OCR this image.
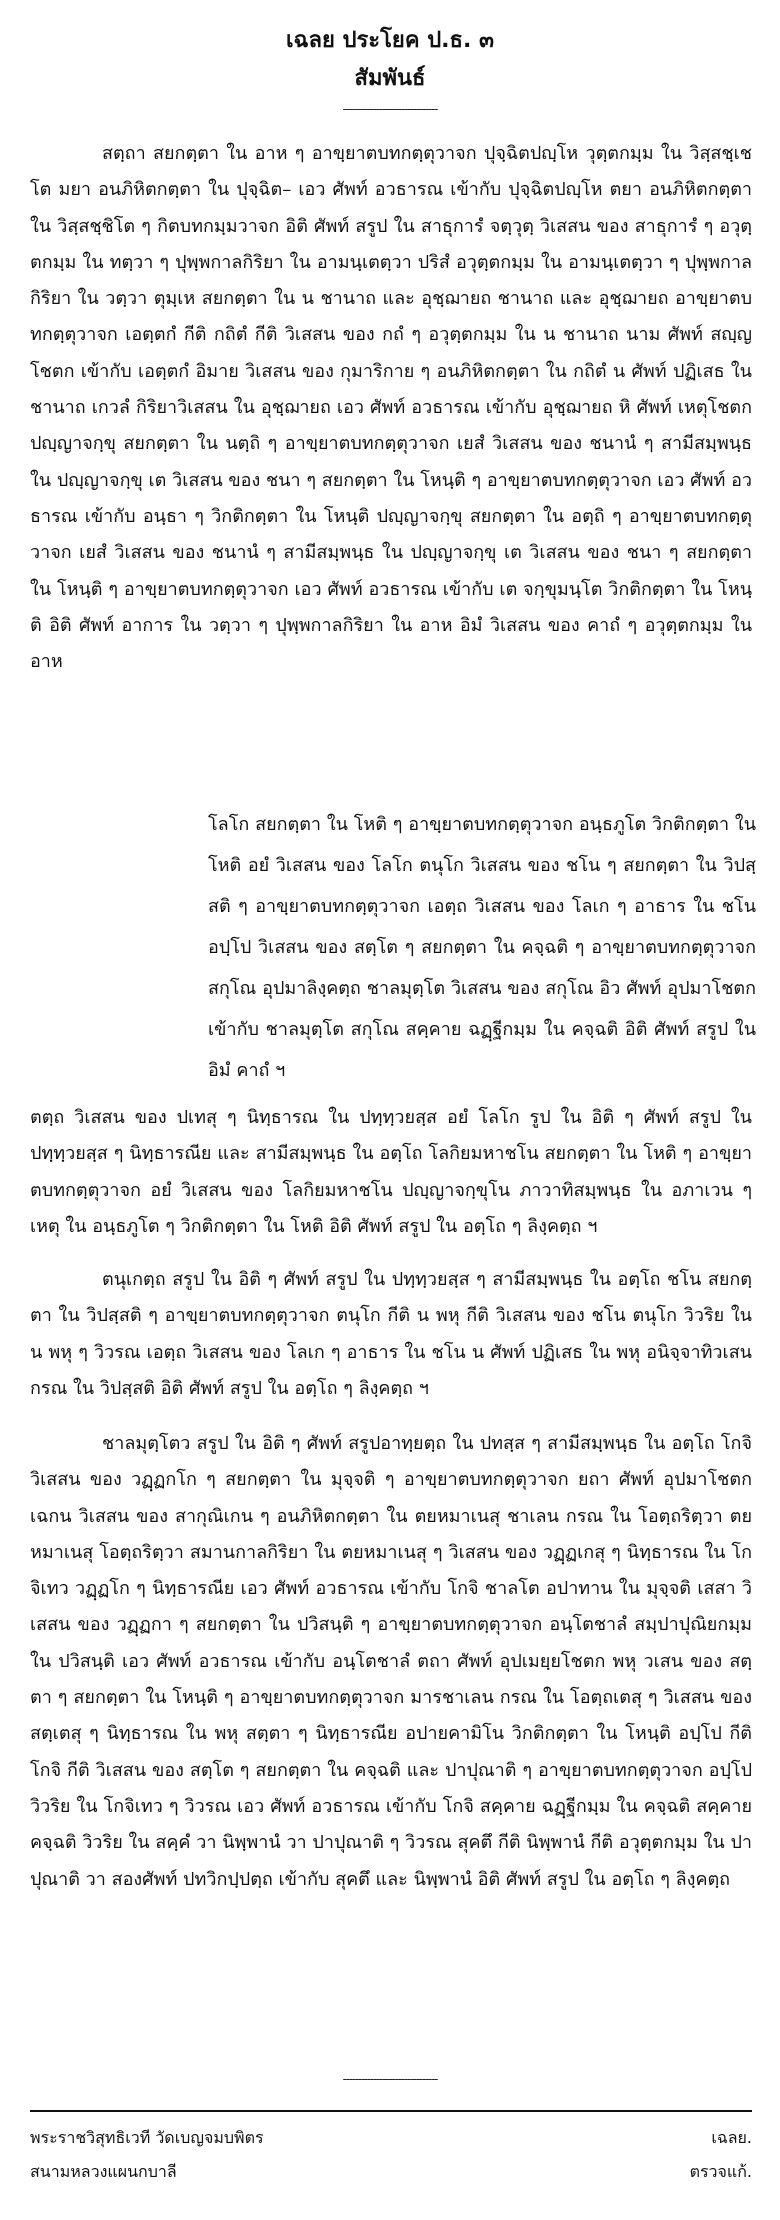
เฉลย ประโยค ป.ธ. ๓
สัมพันธ์
-------------------------------
สตฺถา สยกตฺตา ใน อาห ๆ อาขฺยาตบทกตฺตุวาจก ปุจฺฉิตปญฺโห วุตฺตกมฺม ใน วิสฺสชฺเชโต มยา อนภิหิตกตฺตา ใน ปุจฺฉิต– เอว ศัพท์ อวธารณ เข้ากับ ปุจฺฉิตปญฺโห ตยา อนภิหิตกตฺตา ใน วิสฺสชฺชิโต ๆ กิตบทกมฺมวาจก อิติ ศัพท์ สรูป ใน สาธุการํ จตฺวุตฺ วิเสสน ของ สาธุการํ ๆ อวุตฺตกมฺม ใน ทตฺวา ๆ ปุพฺพกาลกิริยา ใน อามนฺเตตฺวา ปริสํ อวุตฺตกมฺม ใน อามนฺเตตฺวา ๆ ปุพฺพกาลกิริยา ใน วตฺวา ตุมฺเห สยกตฺตา ใน น ชานาถ และ อุชฺฌายถ ชานาถ และ อุชฺฌายถ อาขฺยาตบทกตฺตุวาจก เอตฺตกํ กีติ กถิตํ กีติ วิเสสน ของ กถํ ๆ อวุตฺตกมฺม ใน น ชานาถ นาม ศัพท์ สญฺญโชตก เข้ากับ เอตฺตกํ อิมาย วิเสสน ของ กุมาริกาย ๆ อนภิหิตกตฺตา ใน กถิตํ น ศัพท์ ปฏิเสธ ใน ชานาถ เกวลํ กิริยาวิเสสน ใน อุชฺฌายถ เอว ศัพท์ อวธารณ เข้ากับ อุชฺฌายถ หิ ศัพท์ เหตุโชตก ปญฺญาจกฺขุ สยกตฺตา ใน นตฺถิ ๆ อาขฺยาตบทกตฺตุวาจก เยสํ วิเสสน ของ ชนานํ ๆ สามีสมฺพนฺธ ใน ปญฺญาจกฺขุ เต วิเสสน ของ ชนา ๆ สยกตฺตา ใน โหนฺติ ๆ อาขฺยาตบทกตฺตุวาจก เอว ศัพท์ อวธารณ เข้ากับ อนฺธา ๆ วิกติกตฺตา ใน โหนฺติ ปญฺญาจกฺขุ สยกตฺตา ใน อตฺถิ ๆ อาขฺยาตบทกตฺตุวาจก เยสํ วิเสสน ของ ชนานํ ๆ สามีสมฺพนฺธ ใน ปญฺญาจกฺขุ เต วิเสสน ของ ชนา ๆ สยกตฺตา ใน โหนฺติ ๆ อาขฺยาตบทกตฺตุวาจก เอว ศัพท์ อวธารณ เข้ากับ เต จกฺขุมนฺโต วิกติกตฺตา ใน โหนฺติ อิติ ศัพท์ อาการ ใน วตฺวา ๆ ปุพฺพกาลกิริยา ใน อาห อิมํ วิเสสน ของ คาถํ ๆ อวุตฺตกมฺม ใน อาห
โลโก สยกตฺตา ใน โหติ ๆ อาขฺยาตบทกตฺตุวาจก อนฺธภูโต วิกติกตฺตา ใน โหติ อยํ วิเสสน ของ โลโก ตนุโก วิเสสน ของ ชโน ๆ สยกตฺตา ใน วิปสฺสติ ๆ อาขฺยาตบทกตฺตุวาจก เอตฺถ วิเสสน ของ โลเก ๆ อาธาร ใน ชโน อปฺโป วิเสสน ของ สตฺโต ๆ สยกตฺตา ใน คจฺฉติ ๆ อาขฺยาตบทกตฺตุวาจก สกุโณ อุปมาลิงฺคตฺถ ชาลมุตฺโต วิเสสน ของ สกุโณ อิว ศัพท์ อุปมาโชตก เข้ากับ ชาลมุตฺโต สกุโณ สคฺคาย ฉฏฺฐีกมฺม ใน คจฺฉติ อิติ ศัพท์ สรูป ใน อิมํ คาถํ ฯ
ตตฺถ วิเสสน ของ ปเทสุ ๆ นิทฺธารณ ใน ปทฺทฺวยสฺส อยํ โลโก รูป ใน อิติ ๆ ศัพท์ สรูป ใน ปทฺทฺวยสฺส ๆ นิทฺธารณีย และ สามีสมฺพนฺธ ใน อตฺโถ โลกิยมหาชโน สยกตฺตา ใน โหติ ๆ อาขฺยาตบทกตฺตุวาจก อยํ วิเสสน ของ โลกิยมหาชโน ปญฺญาจกฺขุโน ภาวาทิสมฺพนฺธ ใน อภาเวน ๆ เหตุ ใน อนฺธภูโต ๆ วิกติกตฺตา ใน โหติ อิติ ศัพท์ สรูป ใน อตฺโถ ๆ ลิงฺคตฺถ ฯ
ตนุเกตฺถ สรูป ใน อิติ ๆ ศัพท์ สรูป ใน ปทฺทฺวยสฺส ๆ สามีสมฺพนฺธ ใน อตฺโถ ชโน สยกตฺตา ใน วิปสฺสติ ๆ อาขฺยาตบทกตฺตุวาจก ตนุโก กีติ น พหุ กีติ วิเสสน ของ ชโน ตนุโก วิวริย ใน น พหุ ๆ วิวรณ เอตฺถ วิเสสน ของ โลเก ๆ อาธาร ใน ชโน น ศัพท์ ปฏิเสธ ใน พหุ อนิจฺจาทิวเสน กรณ ใน วิปสฺสติ อิติ ศัพท์ สรูป ใน อตฺโถ ๆ ลิงฺคตฺถ ฯ
ชาลมุตฺโตว สรูป ใน อิติ ๆ ศัพท์ สรูปอาทฺยตฺถ ใน ปทสฺส ๆ สามีสมฺพนฺธ ใน อตฺโถ โกจิ วิเสสน ของ วฏฺฏกโก ๆ สยกตฺตา ใน มุจฺจติ ๆ อาขฺยาตบทกตฺตุวาจก ยถา ศัพท์ อุปมาโชตก เฉกน วิเสสน ของ สากุณิเกน ๆ อนภิหิตกตฺตา ใน ตยหมาเนสุ ชาเลน กรณ ใน โอตฺถริตฺวา ตยหมาเนสุ โอตฺถริตฺวา สมานกาลกิริยา ใน ตยหมาเนสุ ๆ วิเสสน ของ วฏฺฏเกสุ ๆ นิทฺธารณ ใน โกจิเทว วฏฺฏโก ๆ นิทฺธารณีย เอว ศัพท์ อวธารณ เข้ากับ โกจิ ชาลโต อปาทาน ใน มุจฺจติ เสสา วิเสสน ของ วฏฺฏกา ๆ สยกตฺตา ใน ปวิสนฺติ ๆ อาขฺยาตบทกตฺตุวาจก อนฺโตชาลํ สมฺปาปุณิยกมฺม ใน ปวิสนฺติ เอว ศัพท์ อวธารณ เข้ากับ อนฺโตชาลํ ตถา ศัพท์ อุปเมยฺยโชตก พหุ วเสน ของ สตฺตา ๆ สยกตฺตา ใน โหนฺติ ๆ อาขฺยาตบทกตฺตุวาจก มารชาเลน กรณ ใน โอตฺถเตสุ ๆ วิเสสน ของ สตฺเตสุ ๆ นิทฺธารณ ใน พหุ สตฺตา ๆ นิทฺธารณีย อปายคามิโน วิกติกตฺตา ใน โหนฺติ อปฺโป กีติ โกจิ กีติ วิเสสน ของ สตฺโต ๆ สยกตฺตา ใน คจฺฉติ และ ปาปุณาติ ๆ อาขฺยาตบทกตฺตุวาจก อปฺโป วิวริย ใน โกจิเทว ๆ วิวรณ เอว ศัพท์ อวธารณ เข้ากับ โกจิ สคฺคาย ฉฏฺฐีกมฺม ใน คจฺฉติ สคฺคาย คจฺฉติ วิวริย ใน สคฺคํ วา นิพฺพานํ วา ปาปุณาติ ๆ วิวรณ สุคตึ กีติ นิพฺพานํ กีติ อวุตฺตกมฺม ใน ปาปุณาติ วา สองศัพท์ ปทวิกปฺปตฺถ เข้ากับ สุคตึ และ นิพฺพานํ อิติ ศัพท์ สรูป ใน อตฺโถ ๆ ลิงฺคตฺถ
-------------------------------
พระราชวิสุทธิเวที วัดเบญจมบพิตร	เฉลย.
สนามหลวงแผนกบาลี	ตรวจแก้.
